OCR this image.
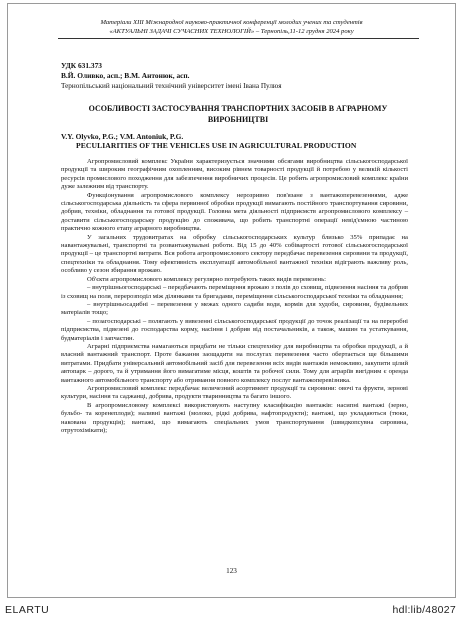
Матеріали XIII Міжнародної науково-практичної конференції молодих учених та студентів
«АКТУАЛЬНІ ЗАДАЧІ СУЧАСНИХ ТЕХНОЛОГІЙ» – Тернопіль,11-12 грудня 2024 року
УДК 631.373
В.Й. Оливко, асп.; В.М. Антонюк, асп.
Тернопільський національний технічний університет імені Івана Пулюя
ОСОБЛИВОСТІ ЗАСТОСУВАННЯ ТРАНСПОРТНИХ ЗАСОБІВ В АГРАРНОМУ ВИРОБНИЦТВІ
V.Y. Olyvko, P.G.; V.M. Antoniuk, P.G.
PECULIARITIES OF THE VEHICLES USE IN AGRICULTURAL PRODUCTION

Агропромисловий комплекс України характеризується значними обсягами виробництва сільськогосподарської продукції та широким географічним охопленням, високим рівнем товарності продукції й потребою у великій кількості ресурсів промислового походження для забезпечення виробничих процесів. Це робить агропромисловий комплекс країни дуже залежним від транспорту.

Функціонування агропромислового комплексу нерозривно пов'язане з вантажоперевезеннями, адже сільськогосподарська діяльність та сфера первинної обробки продукції вимагають постійного транспортування сировини, добрив, техніки, обладнання та готової продукції. Головна мета діяльності підприємств агропромислового комплексу – доставити сільськогосподарську продукцію до споживача, що робить транспортні операції невід'ємною частиною практично кожного етапу аграрного виробництва.

У загальних трудовитратах на обробку сільськогосподарських культур близько 35% припадає на навантажувальні, транспортні та розвантажувальні роботи. Від 15 до 40% собівартості готової сільськогосподарської продукції – це транспортні витрати. Вся робота агропромислового сектору передбачає перевезення сировини та продукції, спецтехніки та обладнання. Тому ефективність експлуатації автомобільної вантажної техніки відіграють важливу роль, особливо у сезон збирання врожаю.

Об'єкти агропромислового комплексу регулярно потребують таких видів перевезень:

– внутрішньогосподарські – передбачають переміщення врожаю з полів до сховищ, підвезення насіння та добрив із сховищ на поля, перерозподіл між ділянками та бригадами, переміщення сільськогосподарської техніки та обладнання;

– внутрішньосадибні – перевезення у межах одного садиби води, кормів для худоби, сировини, будівельних матеріалів тощо;

– позагосподарські – полягають у вивезенні сільськогосподарської продукції до точок реалізації та на переробні підприємства, підвезені до господарства корму, насіння і добрив від постачальників, а також, машин та устаткування, будматеріалів і запчастин.

Аграрні підприємства намагаються придбати не тільки спецтехніку для виробництва та обробки продукції, а й власний вантажний транспорт. Проте бажання заощадити на послугах перевезення часто обертається ще більшими витратами. Придбати універсальний автомобільний засіб для перевезення всіх видів вантажів неможливо, закупити цілий автопарк – дорого, та й утримання його вимагатиме місця, коштів та робочої сили. Тому для аграріїв вигідним є оренда вантажного автомобільного транспорту або отримання повного комплексу послуг вантажоперевізника.

Агропромисловий комплекс передбачає величезний асортимент продукції та сировини: овочі та фрукти, зернові культури, насіння та саджанці, добрива, продукти тваринництва та багато іншого.

В агропромисловому комплексі використовують наступну класифікацію вантажів: насипні вантажі (зерно, бульбо- та коренеплоди); наливні вантажі (молоко, рідкі добрива, нафтопродукти); вантажі, що укладаються (тюки, накована продукція); вантажі, що вимагають спеціальних умов транспортування (швидкопсувна сировина, отрутохімікати);

123
ELARTU	hdl:lib/48027
